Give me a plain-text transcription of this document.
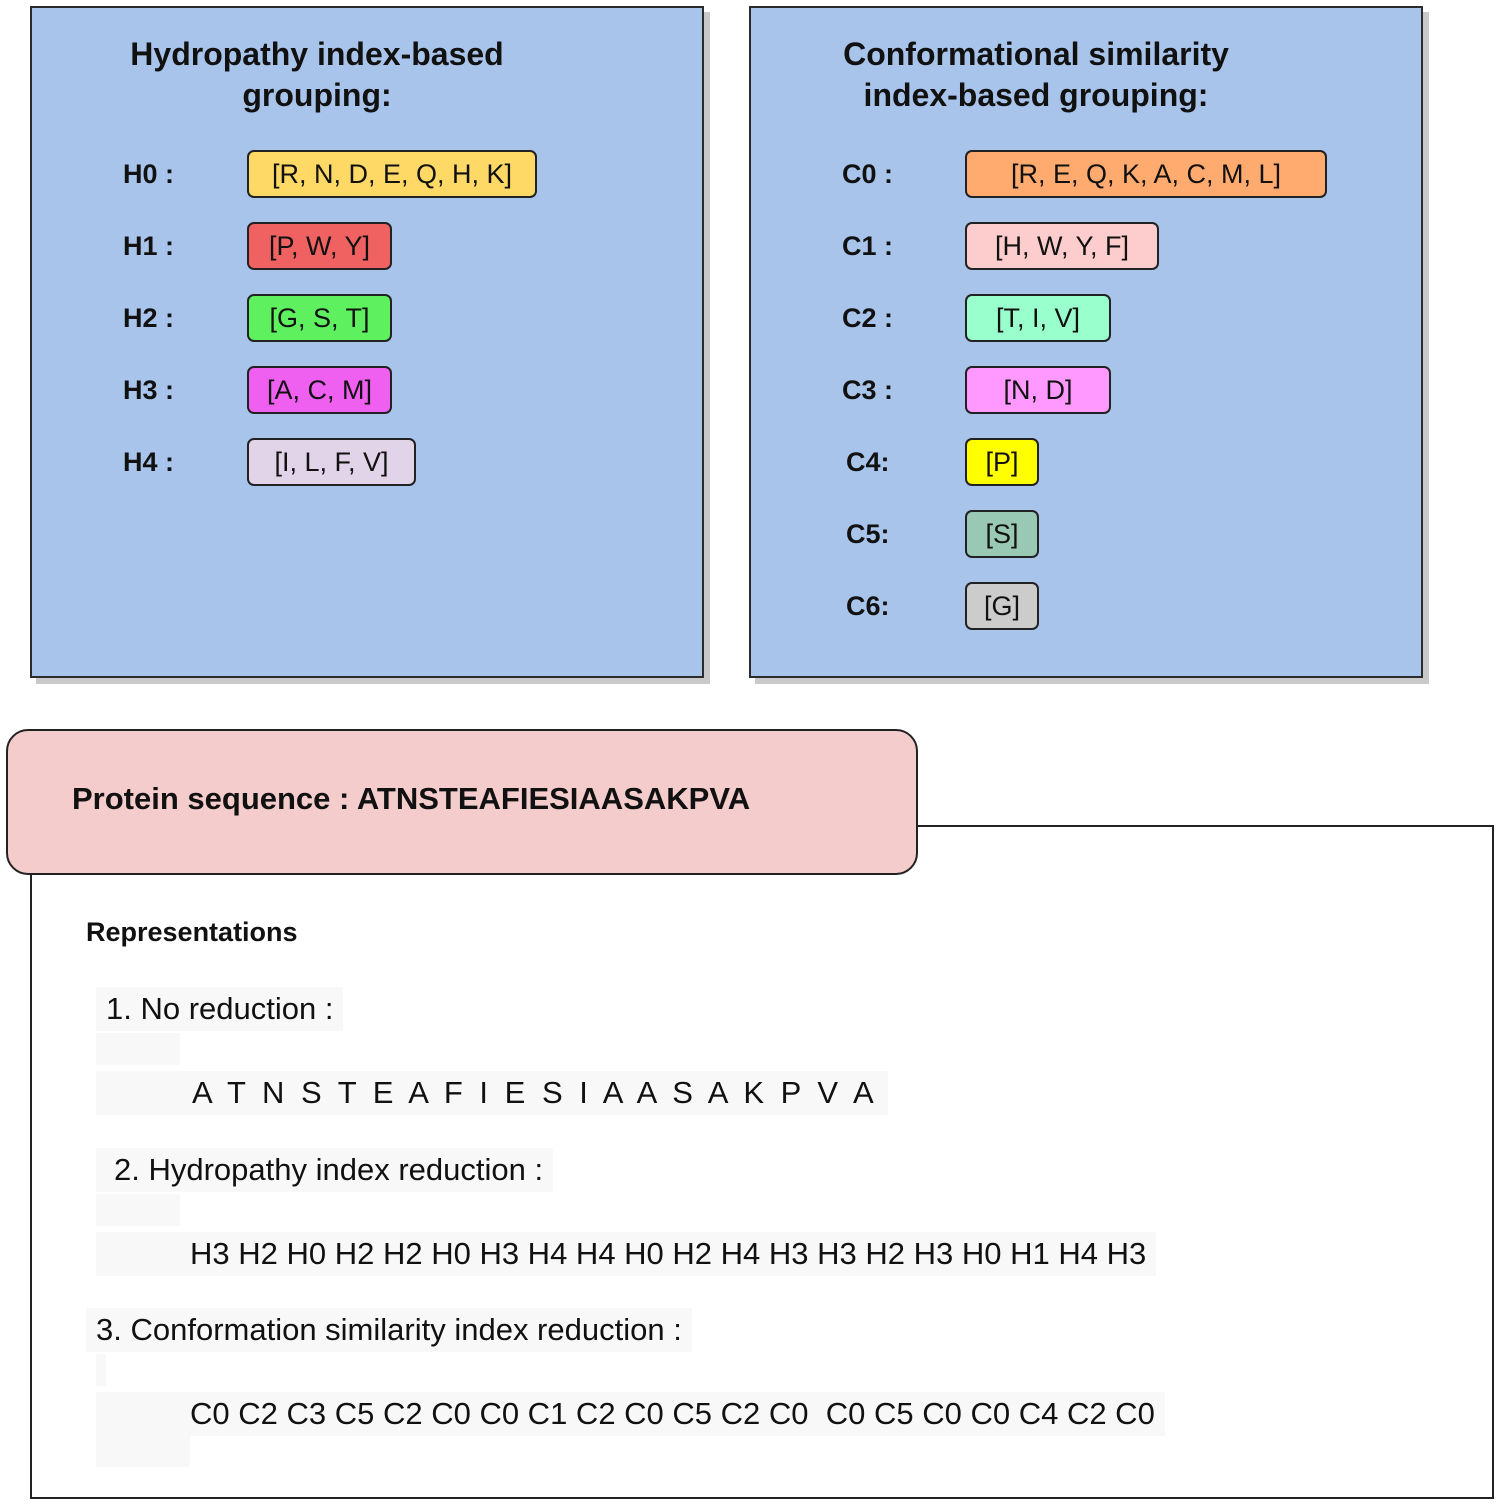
Hydropathy index-based grouping:
H0 :	[R, N, D, E, Q, H, K]
H1 :	[P, W, Y]
H2 :	[G, S, T]
H3 :	[A, C, M]
H4 :	[I, L, F, V]
Conformational similarity index-based grouping:
C0 :	[R, E, Q, K, A, C, M, L]
C1 :	[H, W, Y, F]
C2 :	[T, I, V]
C3 :	[N, D]
C4:	[P]
C5:	[S]
C6:	[G]
Protein sequence : ATNSTEAFIESIAASAKPVA
Representations
1. No reduction :
A T N S T E A F I E S I A A S A K P V A
2. Hydropathy index reduction :
H3 H2 H0 H2 H2 H0 H3 H4 H4 H0 H2 H4 H3 H3 H2 H3 H0 H1 H4 H3
3. Conformation similarity index reduction :
C0 C2 C3 C5 C2 C0 C0 C1 C2 C0 C5 C2 C0  C0 C5 C0 C0 C4 C2 C0
